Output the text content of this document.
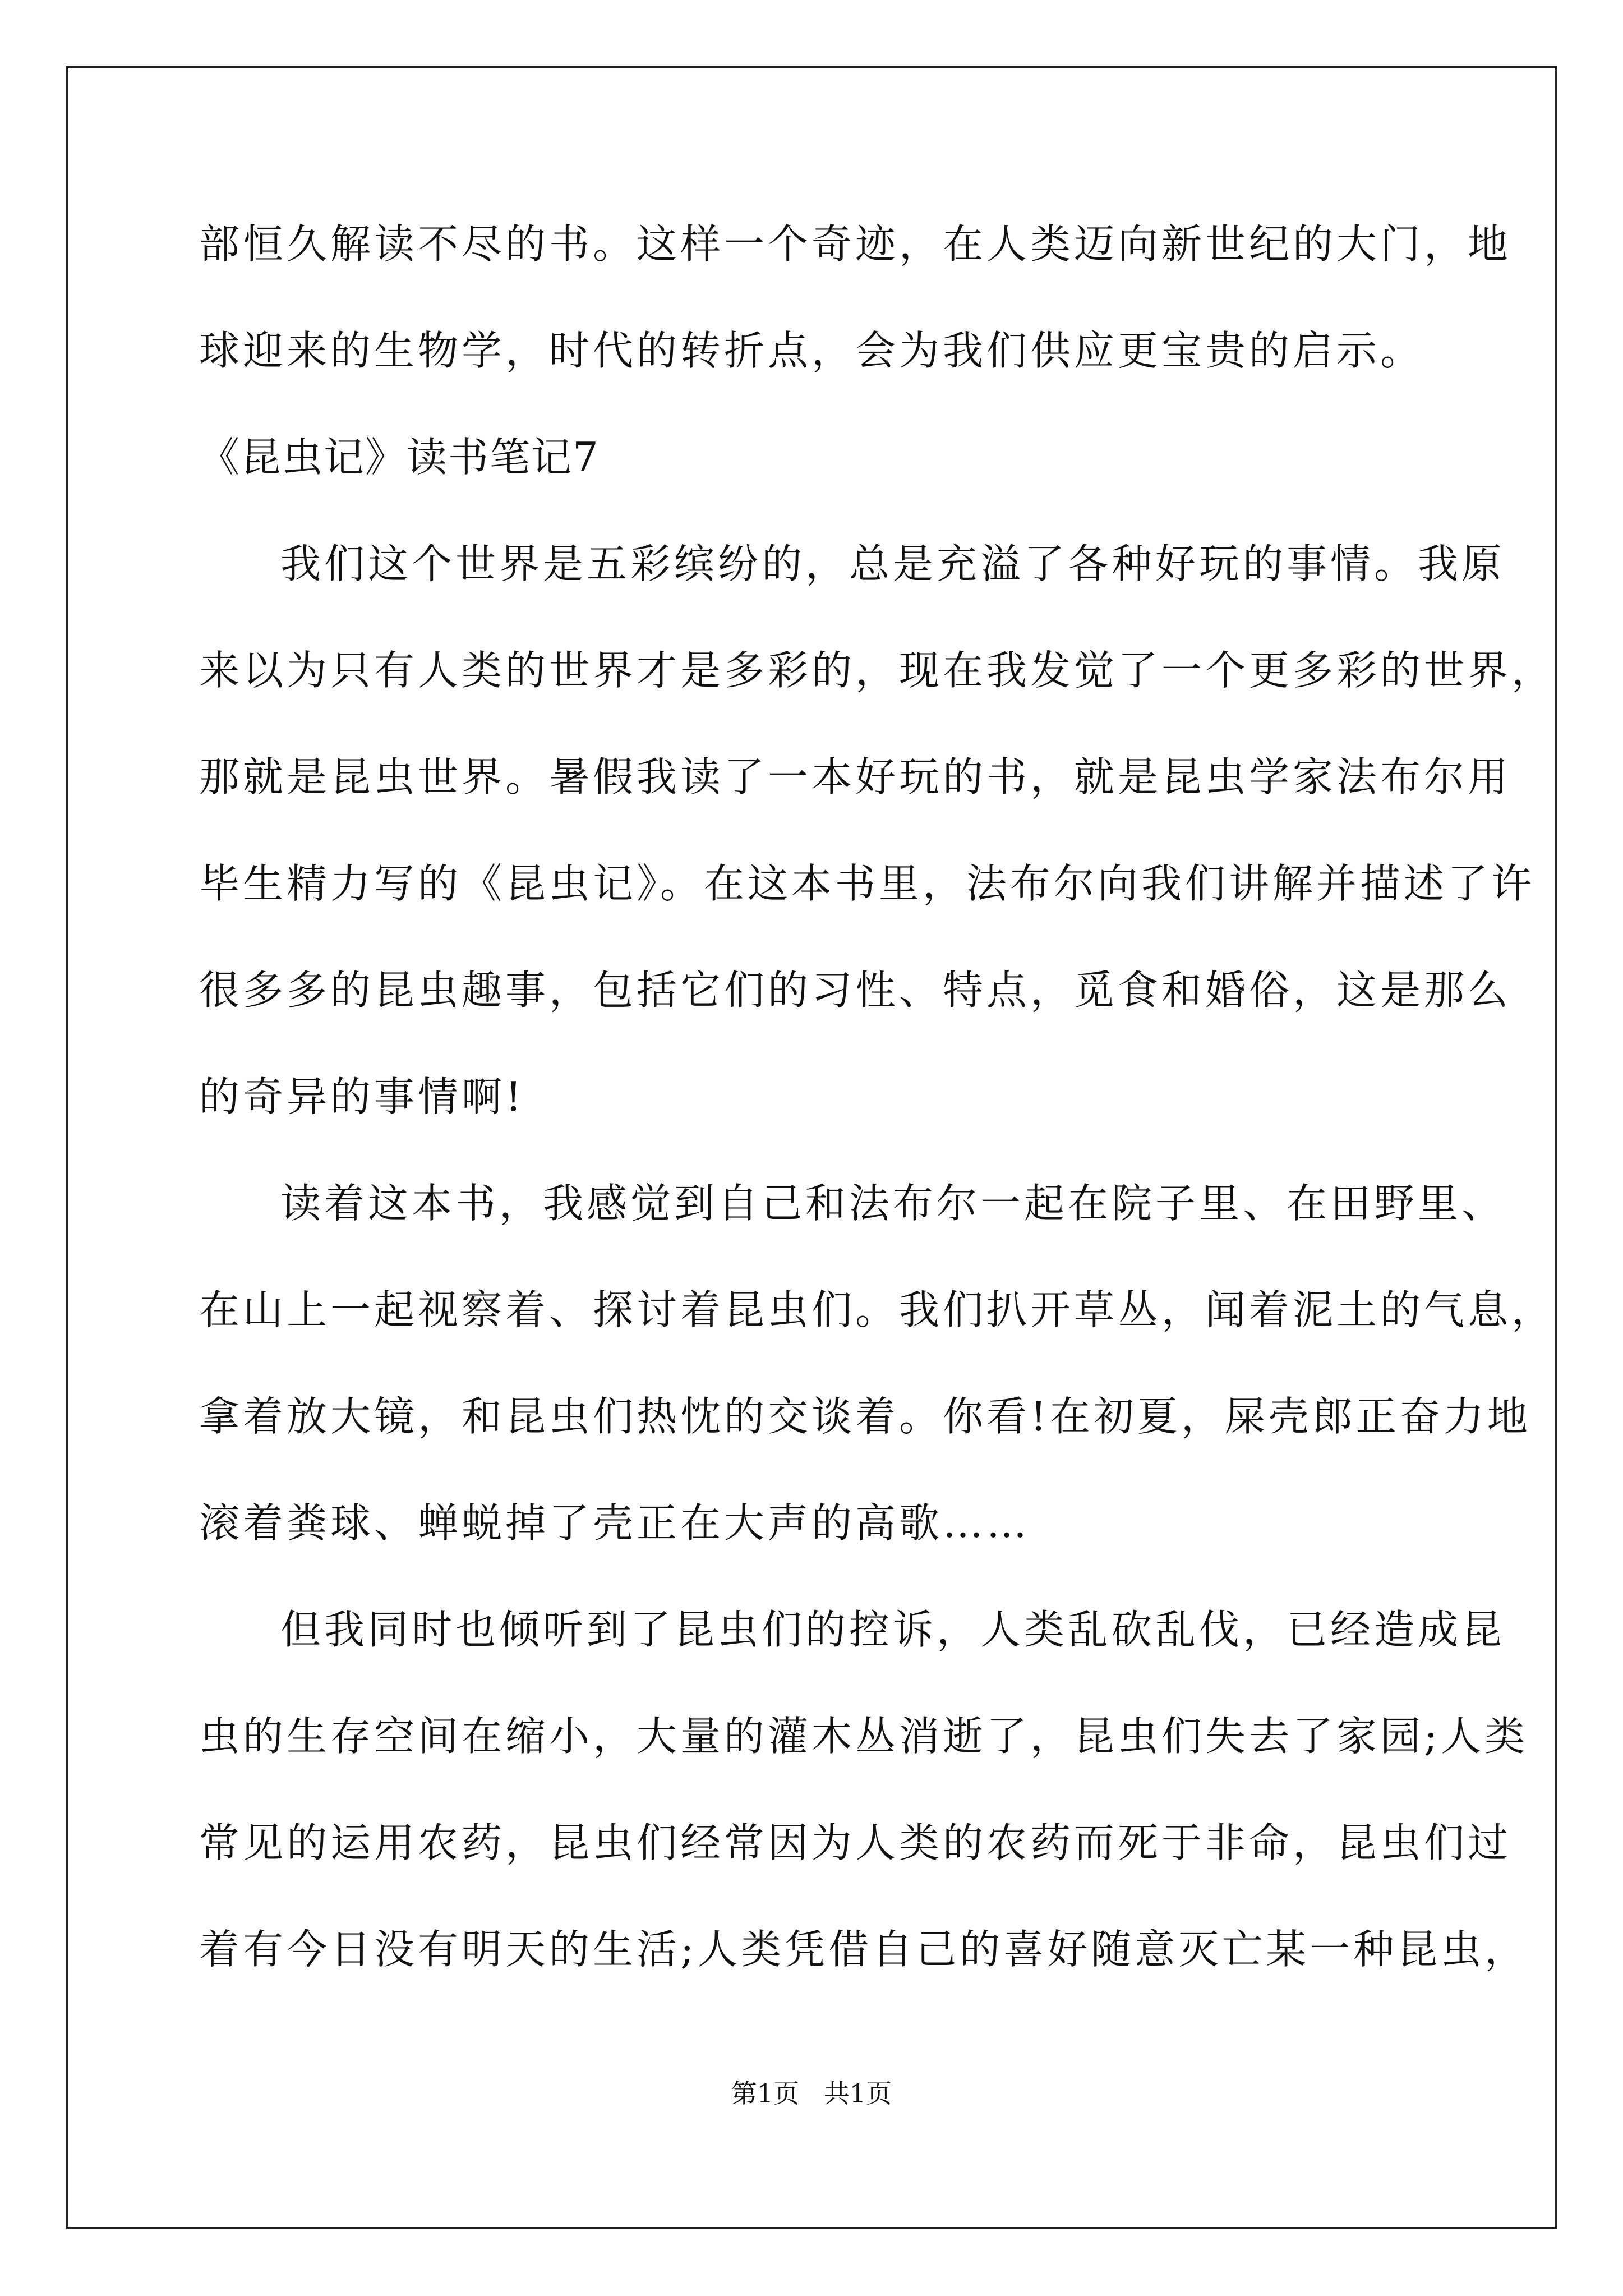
部恒久解读不尽的书。这样一个奇迹，在人类迈向新世纪的大门，地

球迎来的生物学，时代的转折点，会为我们供应更宝贵的启示。

《昆虫记》读书笔记7

我们这个世界是五彩缤纷的，总是充溢了各种好玩的事情。我原

来以为只有人类的世界才是多彩的，现在我发觉了一个更多彩的世界，

那就是昆虫世界。暑假我读了一本好玩的书，就是昆虫学家法布尔用

毕生精力写的《昆虫记》。在这本书里，法布尔向我们讲解并描述了许

很多多的昆虫趣事，包括它们的习性、特点，觅食和婚俗，这是那么

的奇异的事情啊!

读着这本书，我感觉到自己和法布尔一起在院子里、在田野里、

在山上一起视察着、探讨着昆虫们。我们扒开草丛，闻着泥土的气息，

拿着放大镜，和昆虫们热忱的交谈着。你看!在初夏，屎壳郎正奋力地

滚着粪球、蝉蜕掉了壳正在大声的高歌……

但我同时也倾听到了昆虫们的控诉，人类乱砍乱伐，已经造成昆

虫的生存空间在缩小，大量的灌木丛消逝了，昆虫们失去了家园;人类

常见的运用农药，昆虫们经常因为人类的农药而死于非命，昆虫们过

着有今日没有明天的生活;人类凭借自己的喜好随意灭亡某一种昆虫，

第1页   共1页
